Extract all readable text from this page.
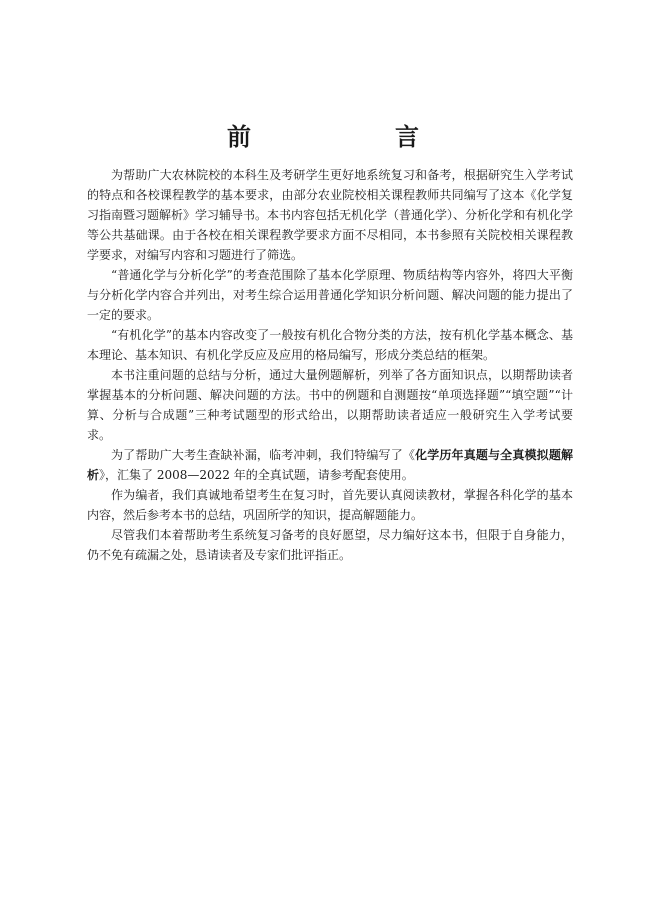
前　言

为帮助广大农林院校的本科生及考研学生更好地系统复习和备考，根据研究生入学考试的特点和各校课程教学的基本要求，由部分农业院校相关课程教师共同编写了这本《化学复习指南暨习题解析》学习辅导书。本书内容包括无机化学（普通化学）、分析化学和有机化学等公共基础课。由于各校在相关课程教学要求方面不尽相同，本书参照有关院校相关课程教学要求，对编写内容和习题进行了筛选。

“普通化学与分析化学”的考查范围除了基本化学原理、物质结构等内容外，将四大平衡与分析化学内容合并列出，对考生综合运用普通化学知识分析问题、解决问题的能力提出了一定的要求。

“有机化学”的基本内容改变了一般按有机化合物分类的方法，按有机化学基本概念、基本理论、基本知识、有机化学反应及应用的格局编写，形成分类总结的框架。

本书注重问题的总结与分析，通过大量例题解析，列举了各方面知识点，以期帮助读者掌握基本的分析问题、解决问题的方法。书中的例题和自测题按“单项选择题”“填空题”“计算、分析与合成题”三种考试题型的形式给出，以期帮助读者适应一般研究生入学考试要求。

为了帮助广大考生查缺补漏，临考冲刺，我们特编写了《化学历年真题与全真模拟题解析》，汇集了 2008—2022 年的全真试题，请参考配套使用。

作为编者，我们真诚地希望考生在复习时，首先要认真阅读教材，掌握各科化学的基本内容，然后参考本书的总结，巩固所学的知识，提高解题能力。

尽管我们本着帮助考生系统复习备考的良好愿望，尽力编好这本书，但限于自身能力，仍不免有疏漏之处，恳请读者及专家们批评指正。
